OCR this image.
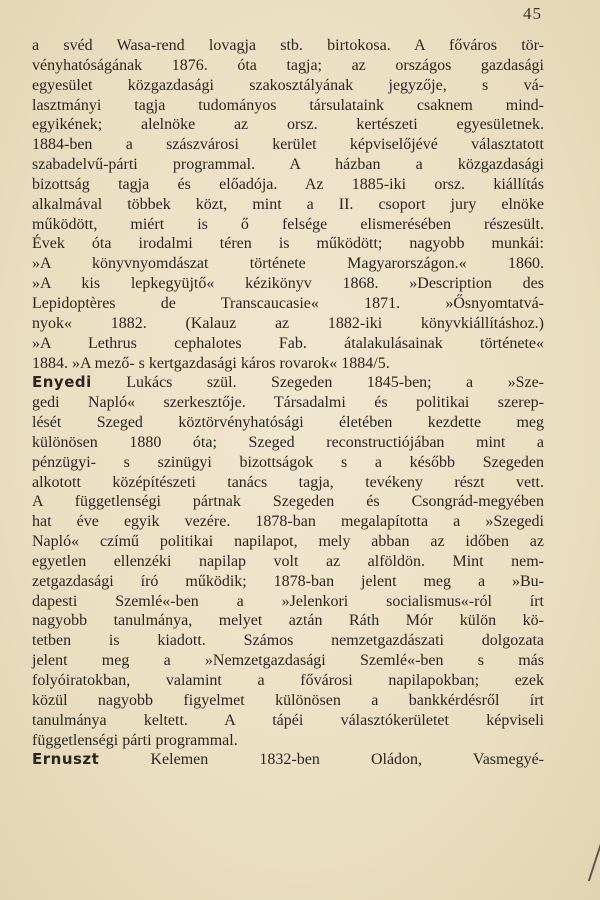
45
a svéd Wasa-rend lovagja stb. birtokosa. A főváros tör-
vényhatóságának 1876. óta tagja; az országos gazdasági
egyesület közgazdasági szakosztályának jegyzője, s vá-
lasztmányi tagja tudományos társulataink csaknem mind-
egyikének; alelnöke az orsz. kertészeti egyesületnek.
1884-ben a szászvárosi kerület képviselőjévé választatott
szabadelvű-párti programmal. A házban a közgazdasági
bizottság tagja és előadója. Az 1885-iki orsz. kiállítás
alkalmával többek közt, mint a II. csoport jury elnöke
működött, miért is ő felsége elismerésében részesült.
Évek óta irodalmi téren is működött; nagyobb munkái:
»A könyvnyomdászat története Magyarországon.« 1860.
»A kis lepkegyüjtő« kézikönyv 1868. »Description des
Lepidoptères de Transcaucasie« 1871. »Ősnyomtatvá-
nyok« 1882. (Kalauz az 1882-iki könyvkiállításhoz.)
»A Lethrus cephalotes Fab. átalakulásainak története«
1884. »A mező- s kertgazdasági káros rovarok« 1884/5.
Enyedi Lukács szül. Szegeden 1845-ben; a »Sze-
gedi Napló« szerkesztője. Társadalmi és politikai szerep-
lését Szeged köztörvényhatósági életében kezdette meg
különösen 1880 óta; Szeged reconstructiójában mint a
pénzügyi- s szinügyi bizottságok s a később Szegeden
alkotott középítészeti tanács tagja, tevékeny részt vett.
A függetlenségi pártnak Szegeden és Csongrád-megyében
hat éve egyik vezére. 1878-ban megalapította a »Szegedi
Napló« czímű politikai napilapot, mely abban az időben az
egyetlen ellenzéki napilap volt az alföldön. Mint nem-
zetgazdasági író működik; 1878-ban jelent meg a »Bu-
dapesti Szemlé«-ben a »Jelenkori socialismus«-ról írt
nagyobb tanulmánya, melyet aztán Ráth Mór külön kö-
tetben is kiadott. Számos nemzetgazdászati dolgozata
jelent meg a »Nemzetgazdasági Szemlé«-ben s más
folyóiratokban, valamint a fővárosi napilapokban; ezek
közül nagyobb figyelmet különösen a bankkérdésről írt
tanulmánya keltett. A tápéi választókerületet képviseli
függetlenségi párti programmal.
Ernuszt Kelemen 1832-ben Oládon, Vasmegyé-
